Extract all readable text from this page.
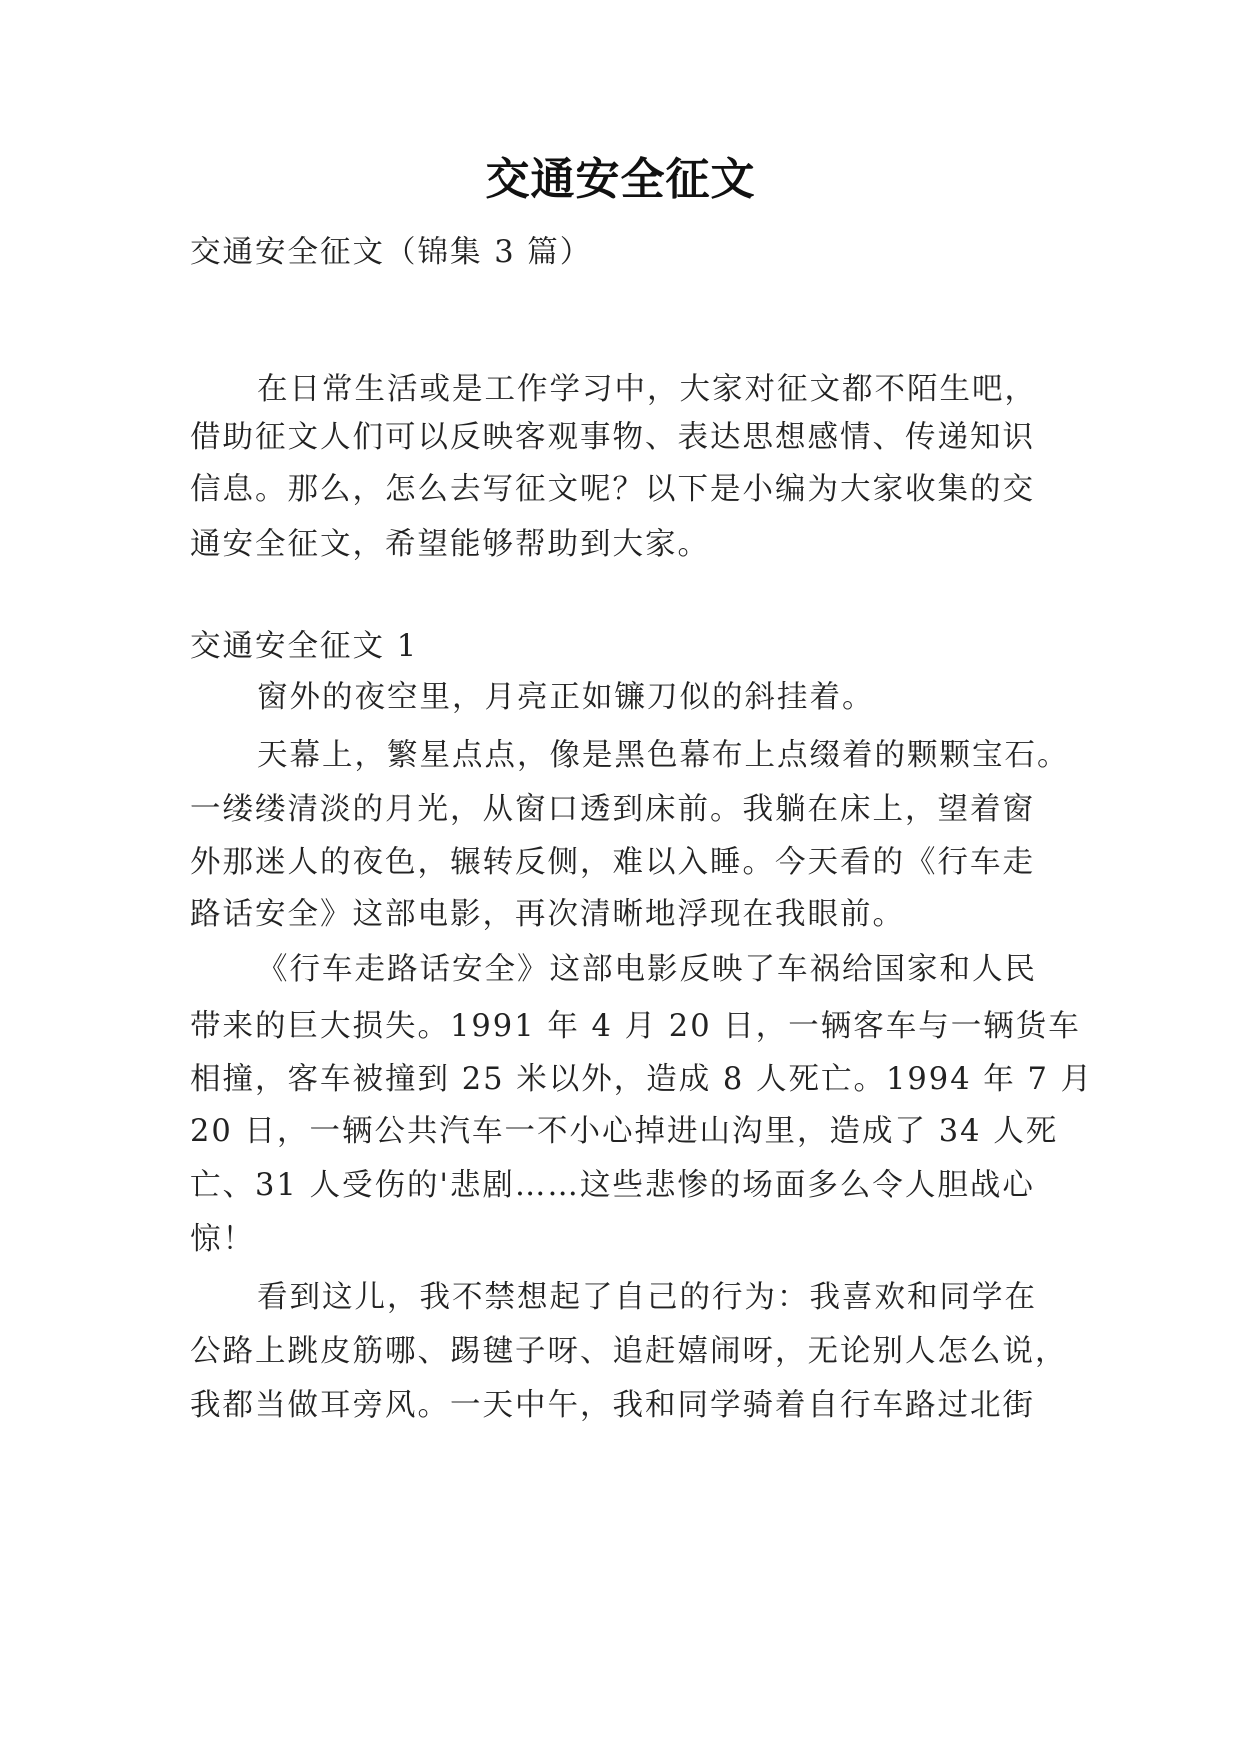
交通安全征文
交通安全征文（锦集 3 篇）
在日常生活或是工作学习中，大家对征文都不陌生吧，
借助征文人们可以反映客观事物、表达思想感情、传递知识
信息。那么，怎么去写征文呢？以下是小编为大家收集的交
通安全征文，希望能够帮助到大家。
交通安全征文 1
窗外的夜空里，月亮正如镰刀似的斜挂着。
天幕上，繁星点点，像是黑色幕布上点缀着的颗颗宝石。
一缕缕清淡的月光，从窗口透到床前。我躺在床上，望着窗
外那迷人的夜色，辗转反侧，难以入睡。今天看的《行车走
路话安全》这部电影，再次清晰地浮现在我眼前。
《行车走路话安全》这部电影反映了车祸给国家和人民
带来的巨大损失。1991 年 4 月 20 日，一辆客车与一辆货车
相撞，客车被撞到 25 米以外，造成 8 人死亡。1994 年 7 月
20 日，一辆公共汽车一不小心掉进山沟里，造成了 34 人死
亡、31 人受伤的'悲剧……这些悲惨的场面多么令人胆战心
惊！
看到这儿，我不禁想起了自己的行为：我喜欢和同学在
公路上跳皮筋哪、踢毽子呀、追赶嬉闹呀，无论别人怎么说，
我都当做耳旁风。一天中午，我和同学骑着自行车路过北街
